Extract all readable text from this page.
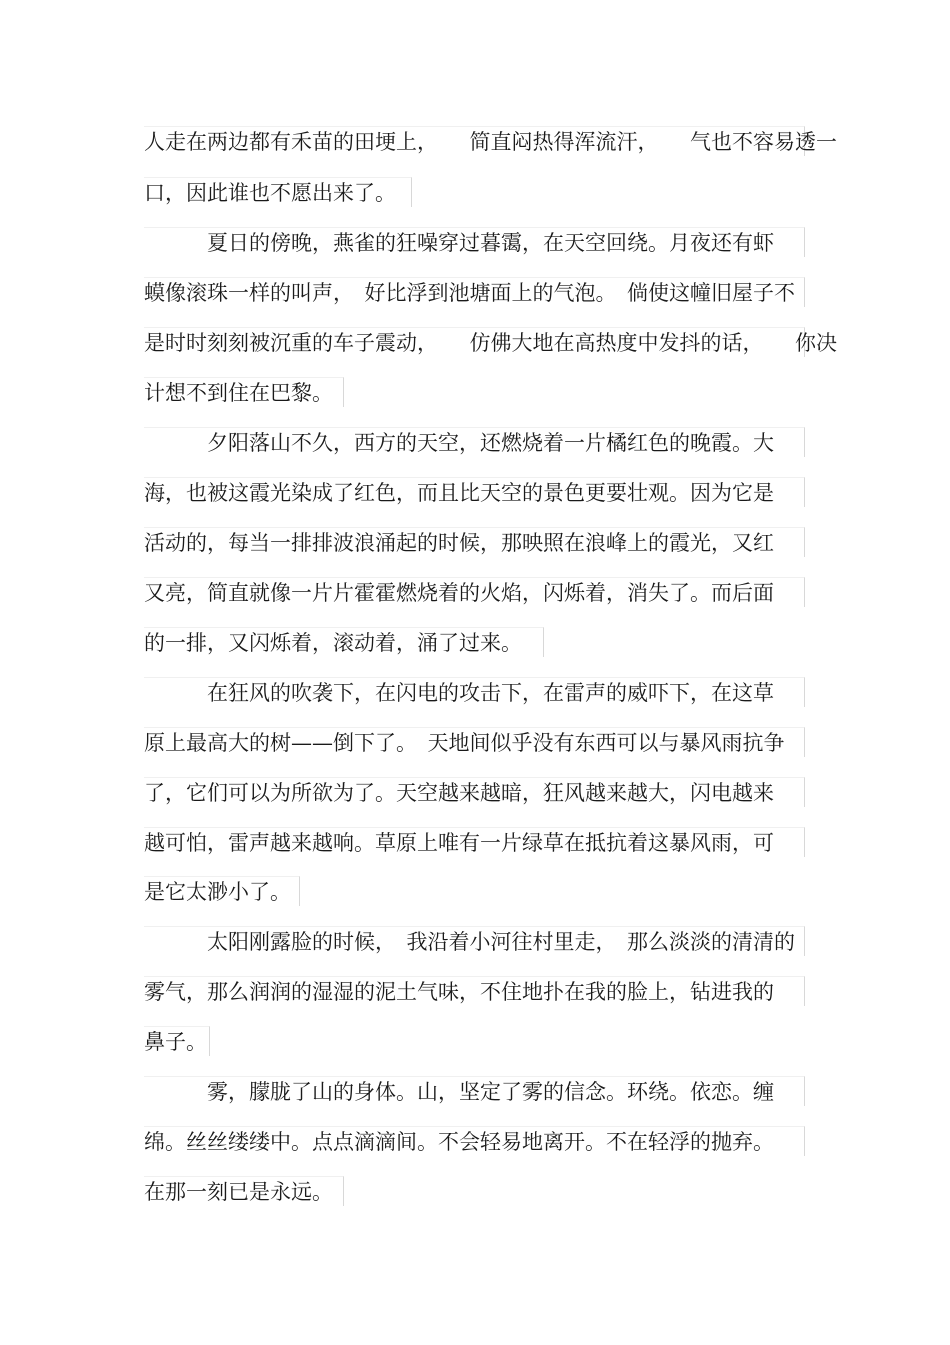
人走在两边都有禾苗的田埂上，　　简直闷热得浑流汗，　　气也不容易透一
口，因此谁也不愿出来了。
　　　夏日的傍晚，燕雀的狂噪穿过暮霭，在天空回绕。月夜还有虾
蟆像滚珠一样的叫声，　好比浮到池塘面上的气泡。　倘使这幢旧屋子不
是时时刻刻被沉重的车子震动，　　仿佛大地在高热度中发抖的话，　　你决
计想不到住在巴黎。
　　　夕阳落山不久，西方的天空，还燃烧着一片橘红色的晚霞。大
海，也被这霞光染成了红色，而且比天空的景色更要壮观。因为它是
活动的，每当一排排波浪涌起的时候，那映照在浪峰上的霞光，又红
又亮，简直就像一片片霍霍燃烧着的火焰，闪烁着，消失了。而后面
的一排，又闪烁着，滚动着，涌了过来。
　　　在狂风的吹袭下，在闪电的攻击下，在雷声的威吓下，在这草
原上最高大的树——倒下了。　天地间似乎没有东西可以与暴风雨抗争
了，它们可以为所欲为了。天空越来越暗，狂风越来越大，闪电越来
越可怕，雷声越来越响。草原上唯有一片绿草在抵抗着这暴风雨，可
是它太渺小了。
　　　太阳刚露脸的时候，　我沿着小河往村里走，　那么淡淡的清清的
雾气，那么润润的湿湿的泥土气味，不住地扑在我的脸上，钻进我的
鼻子。
　　　雾，朦胧了山的身体。山，坚定了雾的信念。环绕。依恋。缠
绵。丝丝缕缕中。点点滴滴间。不会轻易地离开。不在轻浮的抛弃。
在那一刻已是永远。
